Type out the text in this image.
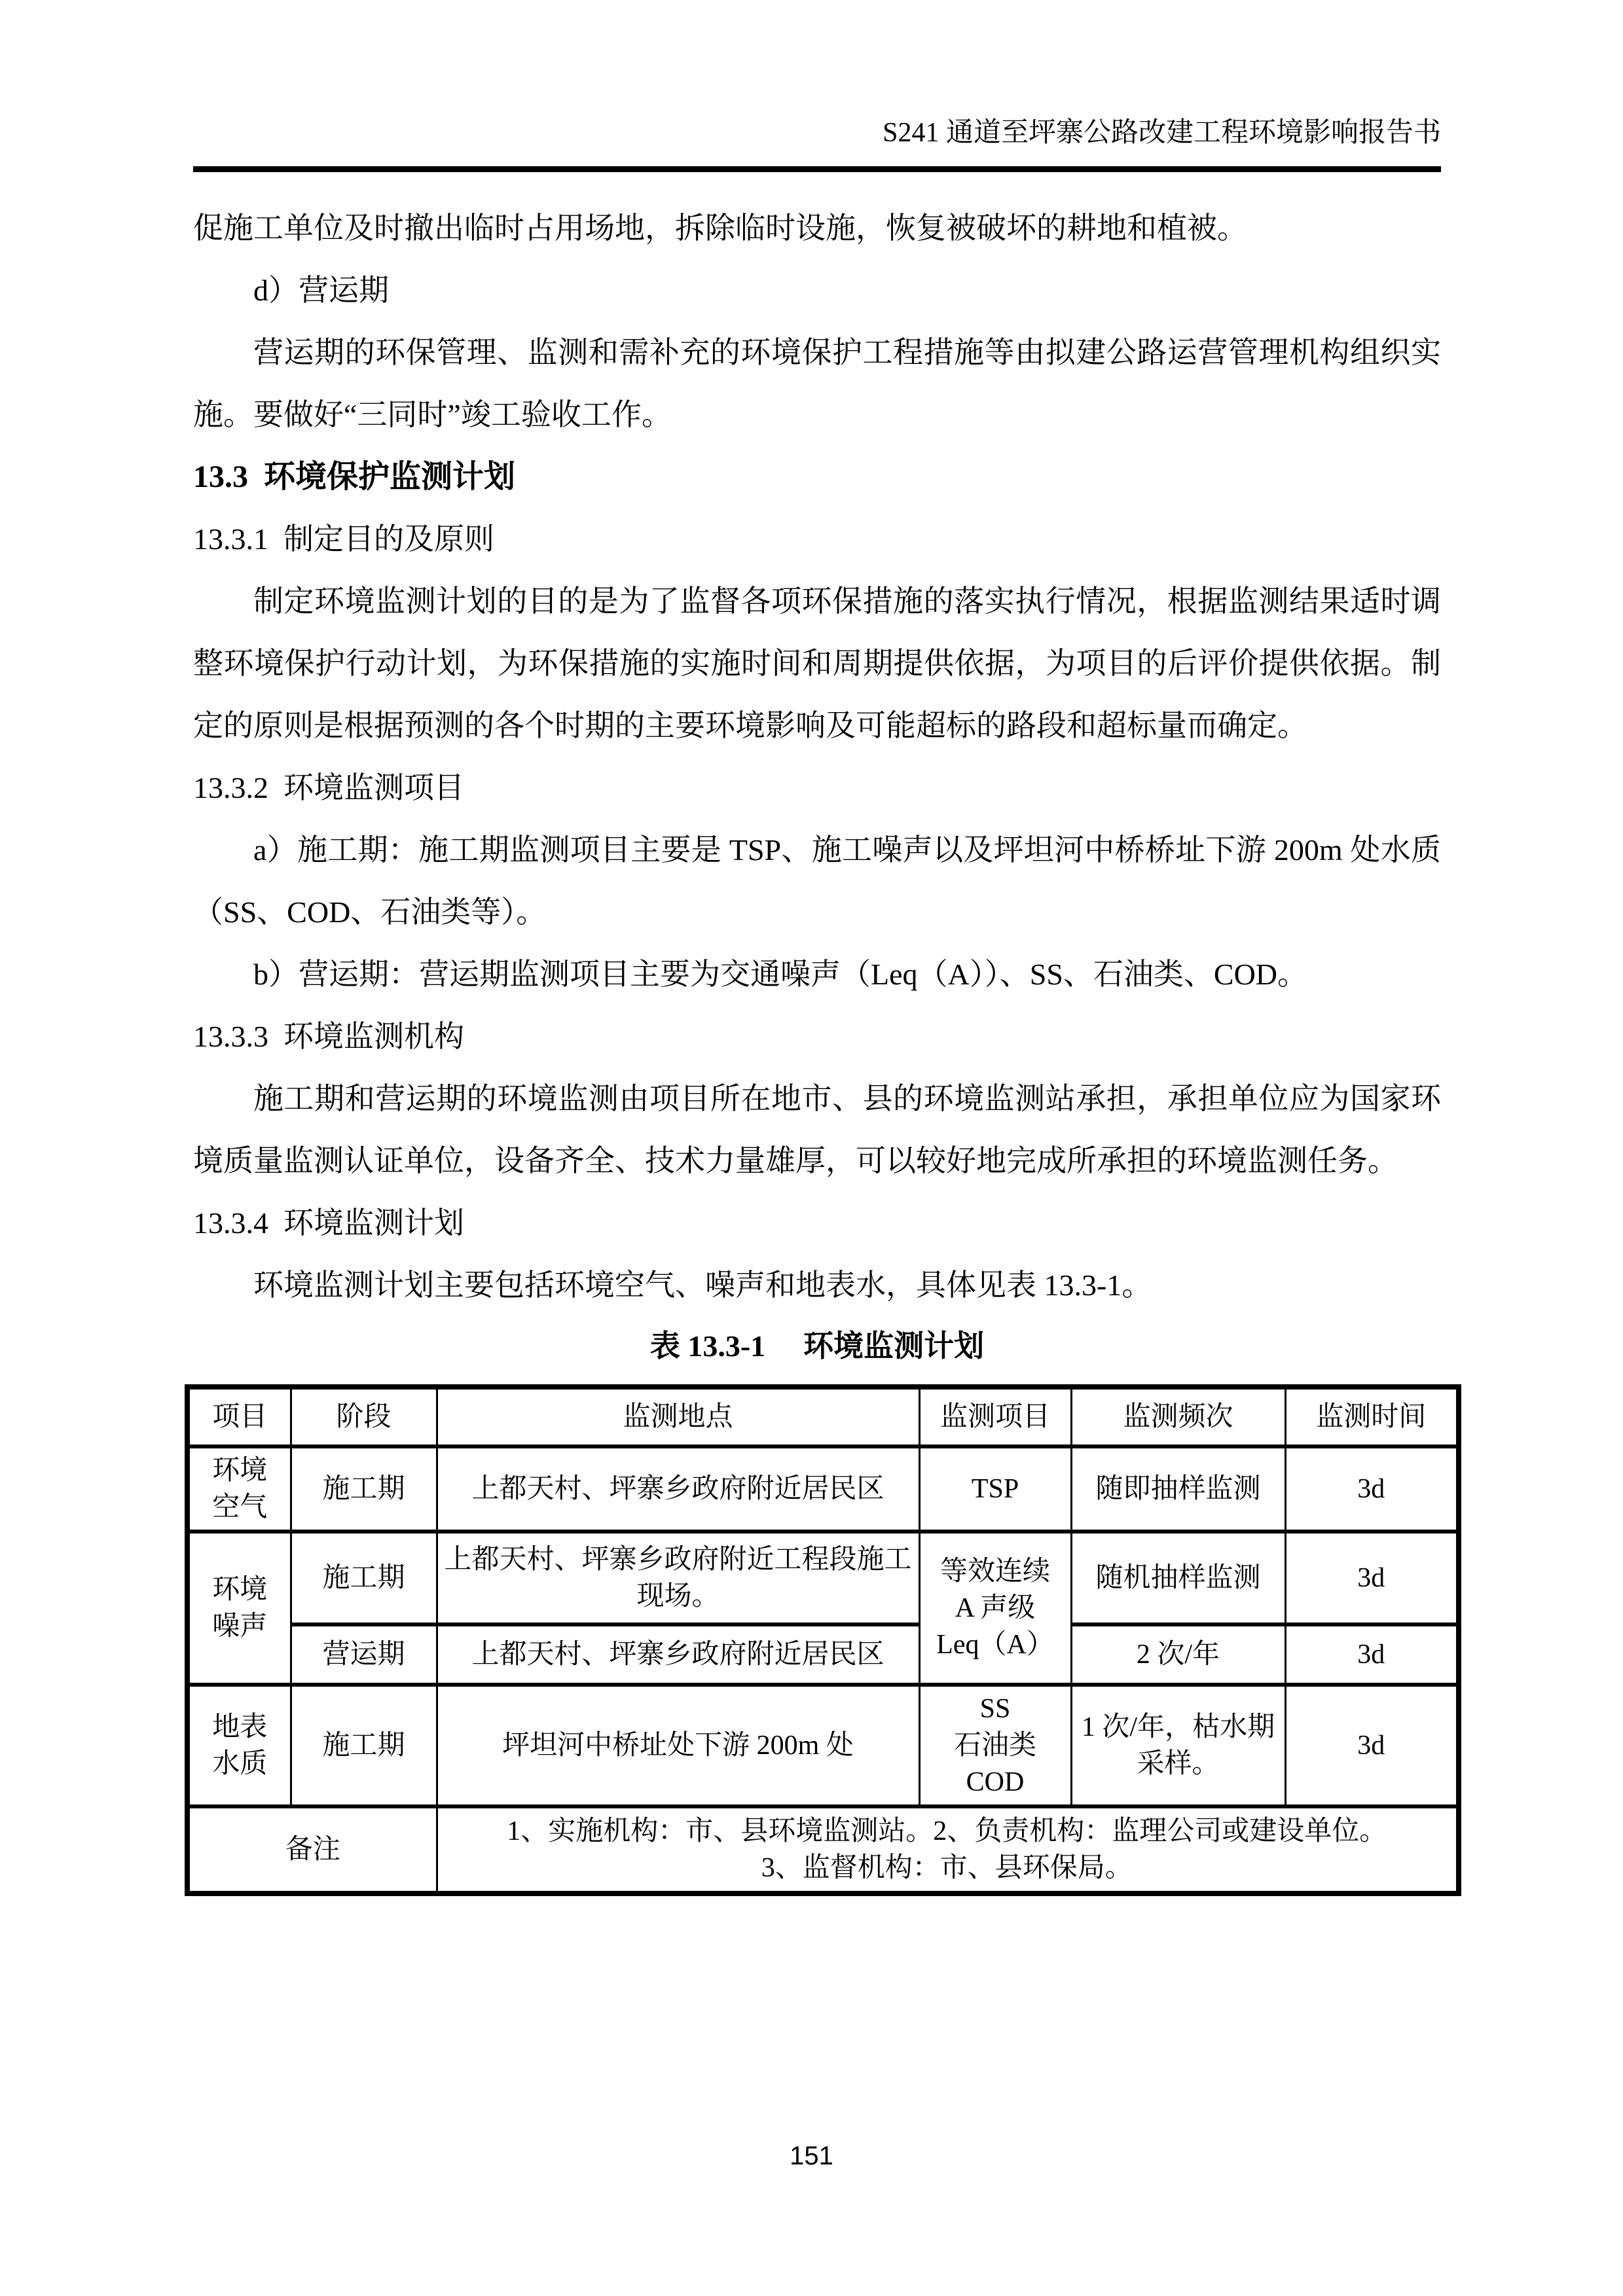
S241 通道至坪寨公路改建工程环境影响报告书

促施工单位及时撤出临时占用场地，拆除临时设施，恢复被破坏的耕地和植被。

d）营运期

营运期的环保管理、监测和需补充的环境保护工程措施等由拟建公路运营管理机构组织实施。要做好“三同时”竣工验收工作。

13.3  环境保护监测计划

13.3.1  制定目的及原则

制定环境监测计划的目的是为了监督各项环保措施的落实执行情况，根据监测结果适时调整环境保护行动计划，为环保措施的实施时间和周期提供依据，为项目的后评价提供依据。制定的原则是根据预测的各个时期的主要环境影响及可能超标的路段和超标量而确定。

13.3.2  环境监测项目

a）施工期：施工期监测项目主要是 TSP、施工噪声以及坪坦河中桥桥址下游 200m 处水质（SS、COD、石油类等）。

b）营运期：营运期监测项目主要为交通噪声（Leq（A））、SS、石油类、COD。

13.3.3  环境监测机构

施工期和营运期的环境监测由项目所在地市、县的环境监测站承担，承担单位应为国家环境质量监测认证单位，设备齐全、技术力量雄厚，可以较好地完成所承担的环境监测任务。

13.3.4  环境监测计划

环境监测计划主要包括环境空气、噪声和地表水，具体见表 13.3-1。

表 13.3-1 环境监测计划
项目	阶段	监测地点	监测项目	监测频次	监测时间

环境
空气	施工期	上都天村、坪寨乡政府附近居民区	TSP	随即抽样监测	3d

环境
噪声	施工期	上都天村、坪寨乡政府附近工程段施工现场。	等效连续
A 声级
Leq（A）	随机抽样监测	3d
	营运期	上都天村、坪寨乡政府附近居民区		2 次/年	3d

地表
水质	施工期	坪坦河中桥址处下游 200m 处	SS
石油类
COD	1 次/年，枯水期采样。	3d
备注		1、实施机构：市、县环境监测站。2、负责机构：监理公司或建设单位。
3、监督机构：市、县环保局。			
151
